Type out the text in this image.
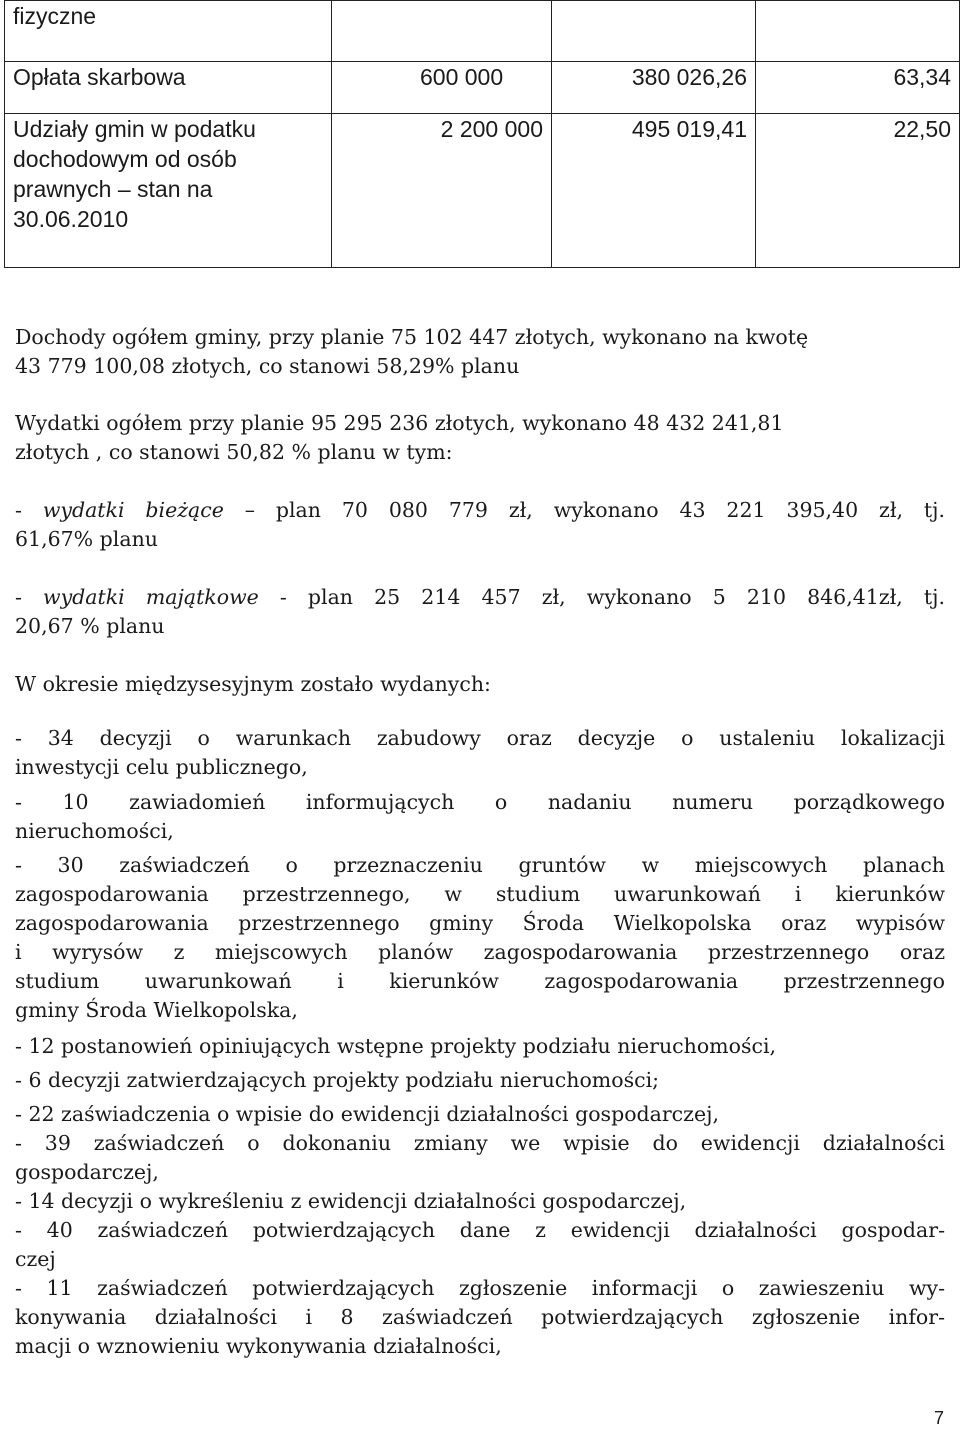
fizyczne			
Opłata skarbowa	600 000	380 026,26	63,34

Udziały gmin w podatku
dochodowym od osób
prawnych – stan na
30.06.2010	2 200 000	495 019,41	22,50
Dochody ogółem gminy, przy planie 75 102 447 złotych, wykonano na kwotę
43 779 100,08 złotych, co stanowi 58,29% planu
Wydatki ogółem przy planie 95 295 236 złotych, wykonano 48 432 241,81
złotych , co stanowi 50,82 % planu w tym:
- wydatki bieżące – plan 70 080 779 zł, wykonano 43 221 395,40 zł, tj.
61,67% planu
- wydatki majątkowe - plan 25 214 457 zł, wykonano 5 210 846,41zł, tj.
20,67 % planu
W okresie międzysesyjnym zostało wydanych:
- 34 decyzji o warunkach zabudowy oraz decyzje o ustaleniu lokalizacji
inwestycji celu publicznego,
- 10 zawiadomień informujących o nadaniu numeru porządkowego
nieruchomości,
- 30 zaświadczeń o przeznaczeniu gruntów w miejscowych planach
zagospodarowania przestrzennego, w studium uwarunkowań i kierunków
zagospodarowania przestrzennego gminy Środa Wielkopolska oraz wypisów
i wyrysów z miejscowych planów zagospodarowania przestrzennego oraz
studium uwarunkowań i kierunków zagospodarowania przestrzennego
gminy Środa Wielkopolska,
- 12 postanowień opiniujących wstępne projekty podziału nieruchomości,
- 6 decyzji zatwierdzających projekty podziału nieruchomości;
- 22 zaświadczenia o wpisie do ewidencji działalności gospodarczej,
- 39 zaświadczeń o dokonaniu zmiany we wpisie do ewidencji działalności
gospodarczej,
- 14 decyzji o wykreśleniu z ewidencji działalności gospodarczej,
- 40 zaświadczeń potwierdzających dane z ewidencji działalności gospodar-
czej
- 11 zaświadczeń potwierdzających zgłoszenie informacji o zawieszeniu wy-
konywania działalności i 8 zaświadczeń potwierdzających zgłoszenie infor-
macji o wznowieniu wykonywania działalności,
7
